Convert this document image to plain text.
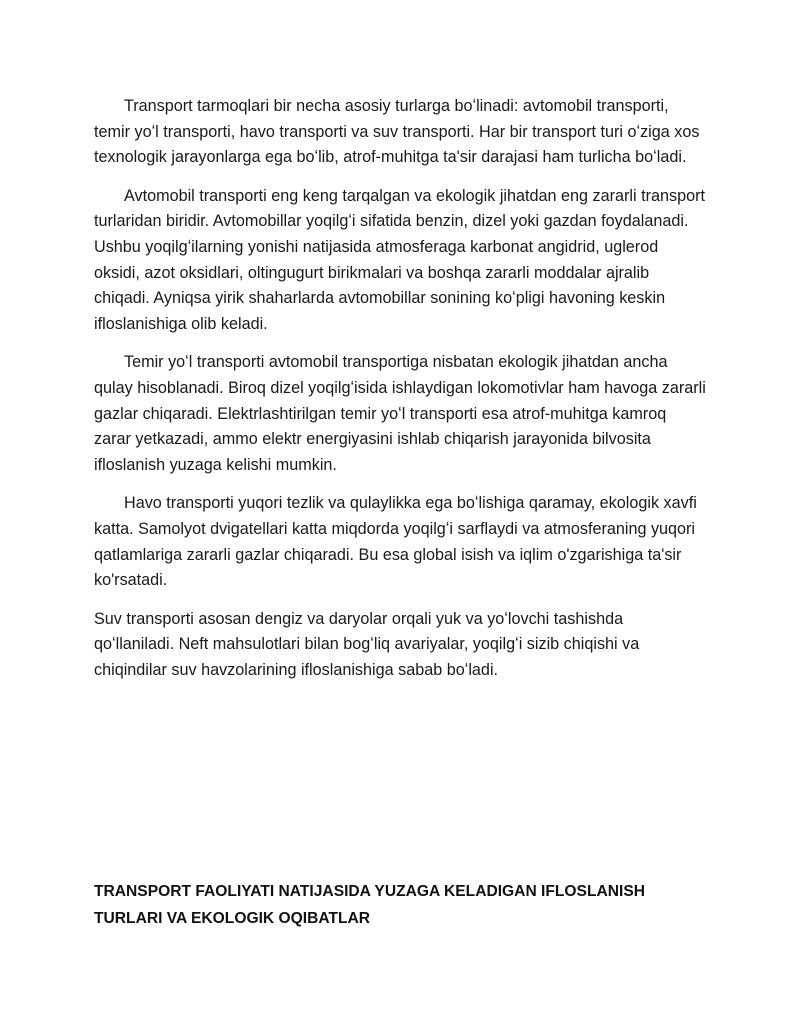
Transport tarmoqlari bir necha asosiy turlarga boʻlinadi: avtomobil transporti, temir yoʻl transporti, havo transporti va suv transporti. Har bir transport turi oʻziga xos texnologik jarayonlarga ega boʻlib, atrof-muhitga ta'sir darajasi ham turlicha boʻladi.

Avtomobil transporti eng keng tarqalgan va ekologik jihatdan eng zararli transport turlaridan biridir. Avtomobillar yoqilgʻi sifatida benzin, dizel yoki gazdan foydalanadi. Ushbu yoqilgʻilarning yonishi natijasida atmosferaga karbonat angidrid, uglerod oksidi, azot oksidlari, oltingugurt birikmalari va boshqa zararli moddalar ajralib chiqadi. Ayniqsa yirik shaharlarda avtomobillar sonining koʻpligi havoning keskin ifloslanishiga olib keladi.

Temir yoʻl transporti avtomobil transportiga nisbatan ekologik jihatdan ancha qulay hisoblanadi. Biroq dizel yoqilgʻisida ishlaydigan lokomotivlar ham havoga zararli gazlar chiqaradi. Elektrlashtirilgan temir yoʻl transporti esa atrof-muhitga kamroq zarar yetkazadi, ammo elektr energiyasini ishlab chiqarish jarayonida bilvosita ifloslanish yuzaga kelishi mumkin.

Havo transporti yuqori tezlik va qulaylikka ega boʻlishiga qaramay, ekologik xavfi katta. Samolyot dvigatellari katta miqdorda yoqilgʻi sarflaydi va atmosferaning yuqori qatlamlariga zararli gazlar chiqaradi. Bu esa global isish va iqlim o'zgarishiga ta'sir ko'rsatadi.

Suv transporti asosan dengiz va daryolar orqali yuk va yoʻlovchi tashishda qoʻllaniladi. Neft mahsulotlari bilan bogʻliq avariyalar, yoqilgʻi sizib chiqishi va chiqindilar suv havzolarining ifloslanishiga sabab boʻladi.

TRANSPORT FAOLIYATI NATIJASIDA YUZAGA KELADIGAN IFLOSLANISH TURLARI VA EKOLOGIK OQIBATLAR
